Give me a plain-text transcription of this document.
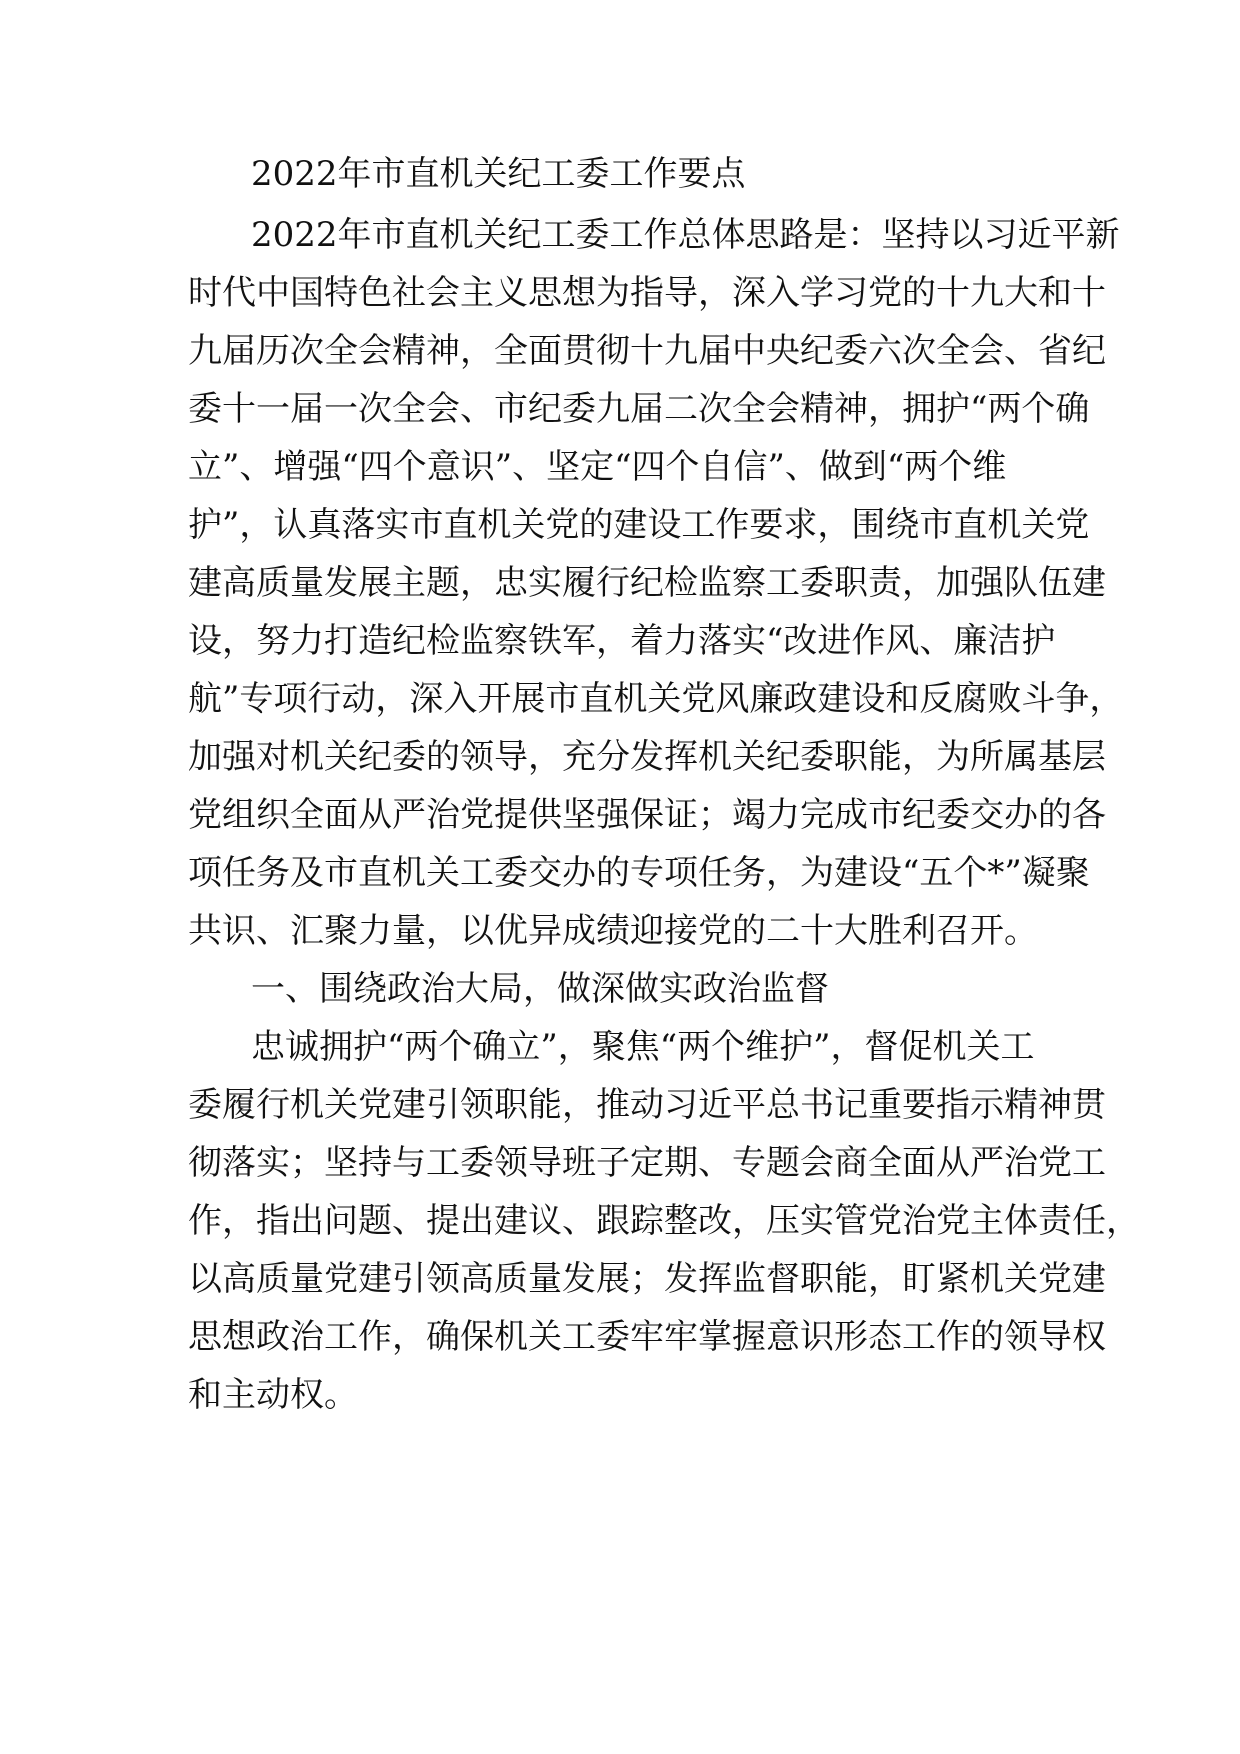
2022年市直机关纪工委工作要点

2022年市直机关纪工委工作总体思路是：坚持以习近平新

时代中国特色社会主义思想为指导，深入学习党的十九大和十

九届历次全会精神，全面贯彻十九届中央纪委六次全会、省纪

委十一届一次全会、市纪委九届二次全会精神，拥护“两个确

立”、增强“四个意识”、坚定“四个自信”、做到“两个维

护”，认真落实市直机关党的建设工作要求，围绕市直机关党

建高质量发展主题，忠实履行纪检监察工委职责，加强队伍建

设，努力打造纪检监察铁军，着力落实“改进作风、廉洁护

航”专项行动，深入开展市直机关党风廉政建设和反腐败斗争，

加强对机关纪委的领导，充分发挥机关纪委职能，为所属基层

党组织全面从严治党提供坚强保证；竭力完成市纪委交办的各

项任务及市直机关工委交办的专项任务，为建设“五个*”凝聚

共识、汇聚力量，以优异成绩迎接党的二十大胜利召开。

一、围绕政治大局，做深做实政治监督

忠诚拥护“两个确立”，聚焦“两个维护”，督促机关工

委履行机关党建引领职能，推动习近平总书记重要指示精神贯

彻落实；坚持与工委领导班子定期、专题会商全面从严治党工

作，指出问题、提出建议、跟踪整改，压实管党治党主体责任，

以高质量党建引领高质量发展；发挥监督职能，盯紧机关党建

思想政治工作，确保机关工委牢牢掌握意识形态工作的领导权

和主动权。
